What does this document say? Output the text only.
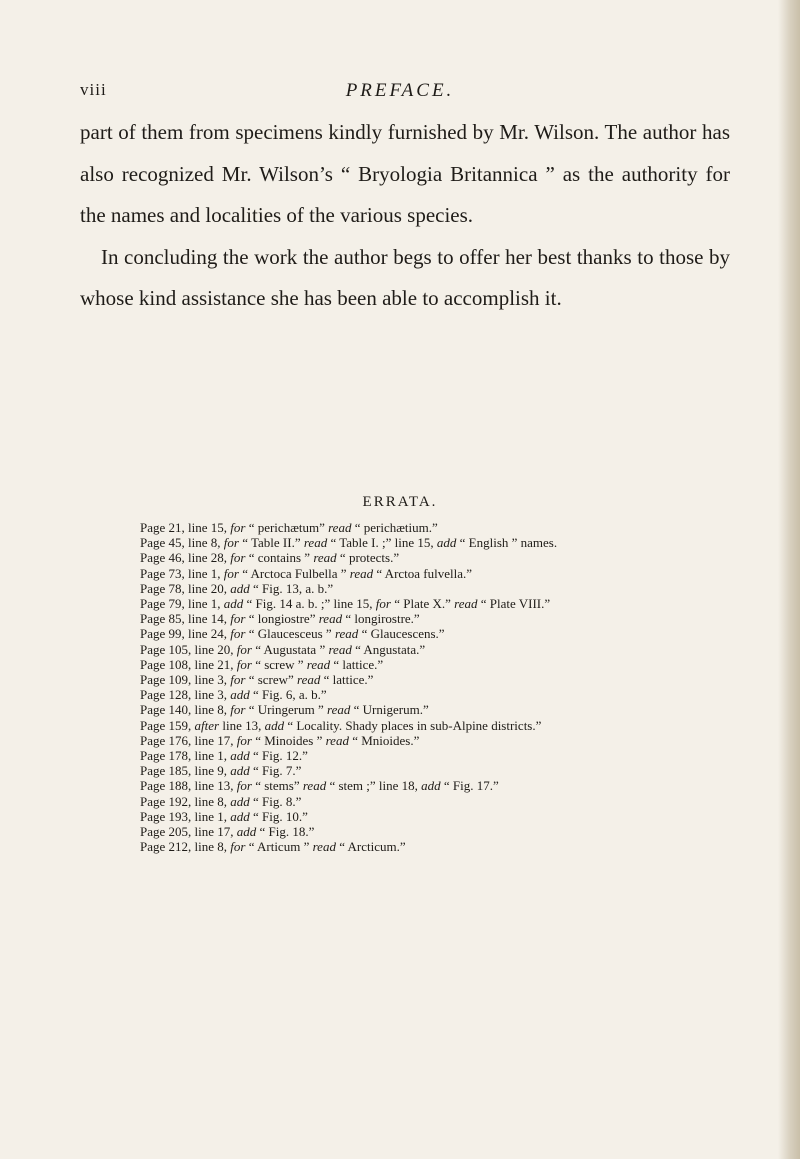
viii	PREFACE.

part of them from specimens kindly furnished by Mr. Wilson. The author has also recognized Mr. Wilson’s “ Bryologia Britannica ” as the authority for the names and localities of the various species.

In concluding the work the author begs to offer her best thanks to those by whose kind assistance she has been able to accomplish it.

ERRATA.
Page 21, line 15, for “ perichætum” read “ perichætium.”
Page 45, line 8, for “ Table II.” read “ Table I. ;” line 15, add “ English ” names.
Page 46, line 28, for “ contains ” read “ protects.”
Page 73, line 1, for “ Arctoca Fulbella ” read “ Arctoa fulvella.”
Page 78, line 20, add “ Fig. 13, a. b.”
Page 79, line 1, add “ Fig. 14 a. b. ;” line 15, for “ Plate X.” read “ Plate VIII.”
Page 85, line 14, for “ longiostre” read “ longirostre.”
Page 99, line 24, for “ Glaucesceus ” read “ Glaucescens.”
Page 105, line 20, for “ Augustata ” read “ Angustata.”
Page 108, line 21, for “ screw ” read “ lattice.”
Page 109, line 3, for “ screw” read “ lattice.”
Page 128, line 3, add “ Fig. 6, a. b.”
Page 140, line 8, for “ Uringerum ” read “ Urnigerum.”
Page 159, after line 13, add “ Locality. Shady places in sub-Alpine districts.”
Page 176, line 17, for “ Minoides ” read “ Mnioides.”
Page 178, line 1, add “ Fig. 12.”
Page 185, line 9, add “ Fig. 7.”
Page 188, line 13, for “ stems” read “ stem ;” line 18, add “ Fig. 17.”
Page 192, line 8, add “ Fig. 8.”
Page 193, line 1, add “ Fig. 10.”
Page 205, line 17, add “ Fig. 18.”
Page 212, line 8, for “ Articum ” read “ Arcticum.”
